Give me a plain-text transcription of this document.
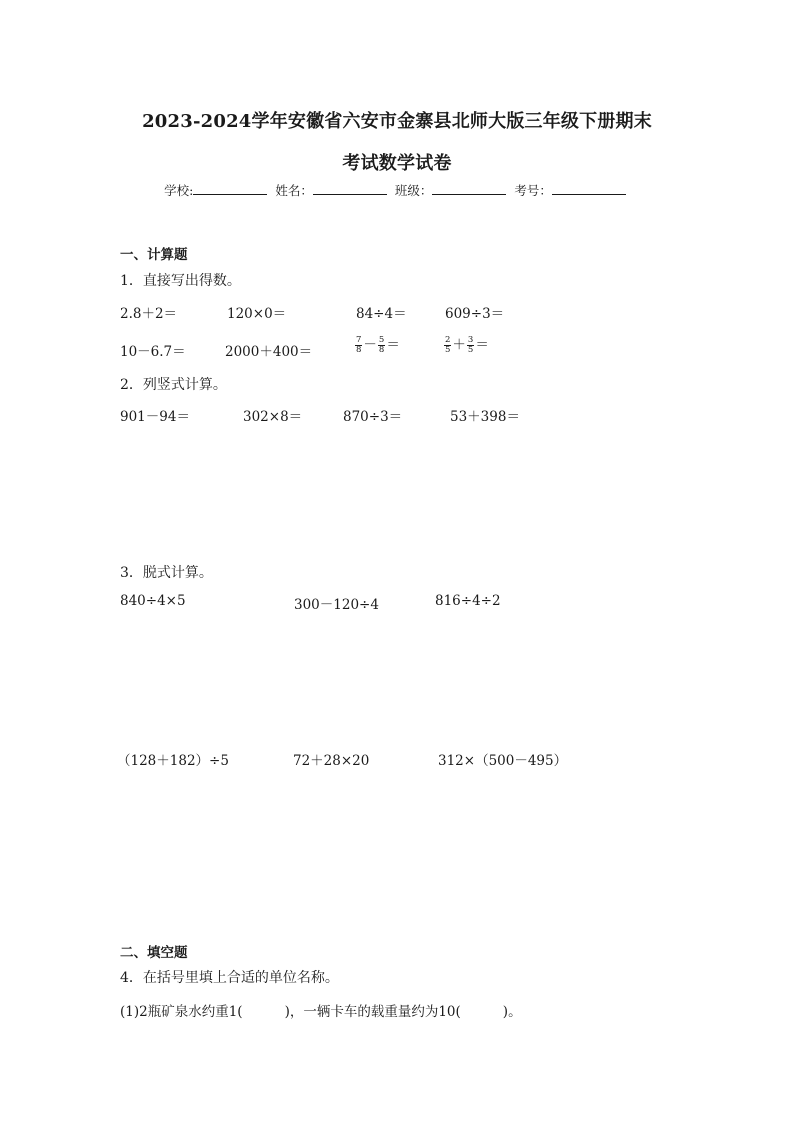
2023-2024学年安徽省六安市金寨县北师大版三年级下册期末
考试数学试卷
学校:	姓名：	班级：	考号：
一、计算题
1．直接写出得数。
2.8＋2＝	120×0＝	84÷4＝	609÷3＝
10－6.7＝	2000＋400＝	$\frac{7}{8} - \frac{5}{8}$ ＝	$\frac{2}{5} + \frac{3}{5}$ ＝
2．列竖式计算。
901－94＝	302×8＝	870÷3＝	53＋398＝
3．脱式计算。
840÷4×5	300－120÷4	816÷4÷2
（128＋182）÷5	72＋28×20	312×（500－495）
二、填空题
4．在括号里填上合适的单位名称。
(1)2瓶矿泉水约重1(	)，一辆卡车的载重量约为10(	)。
